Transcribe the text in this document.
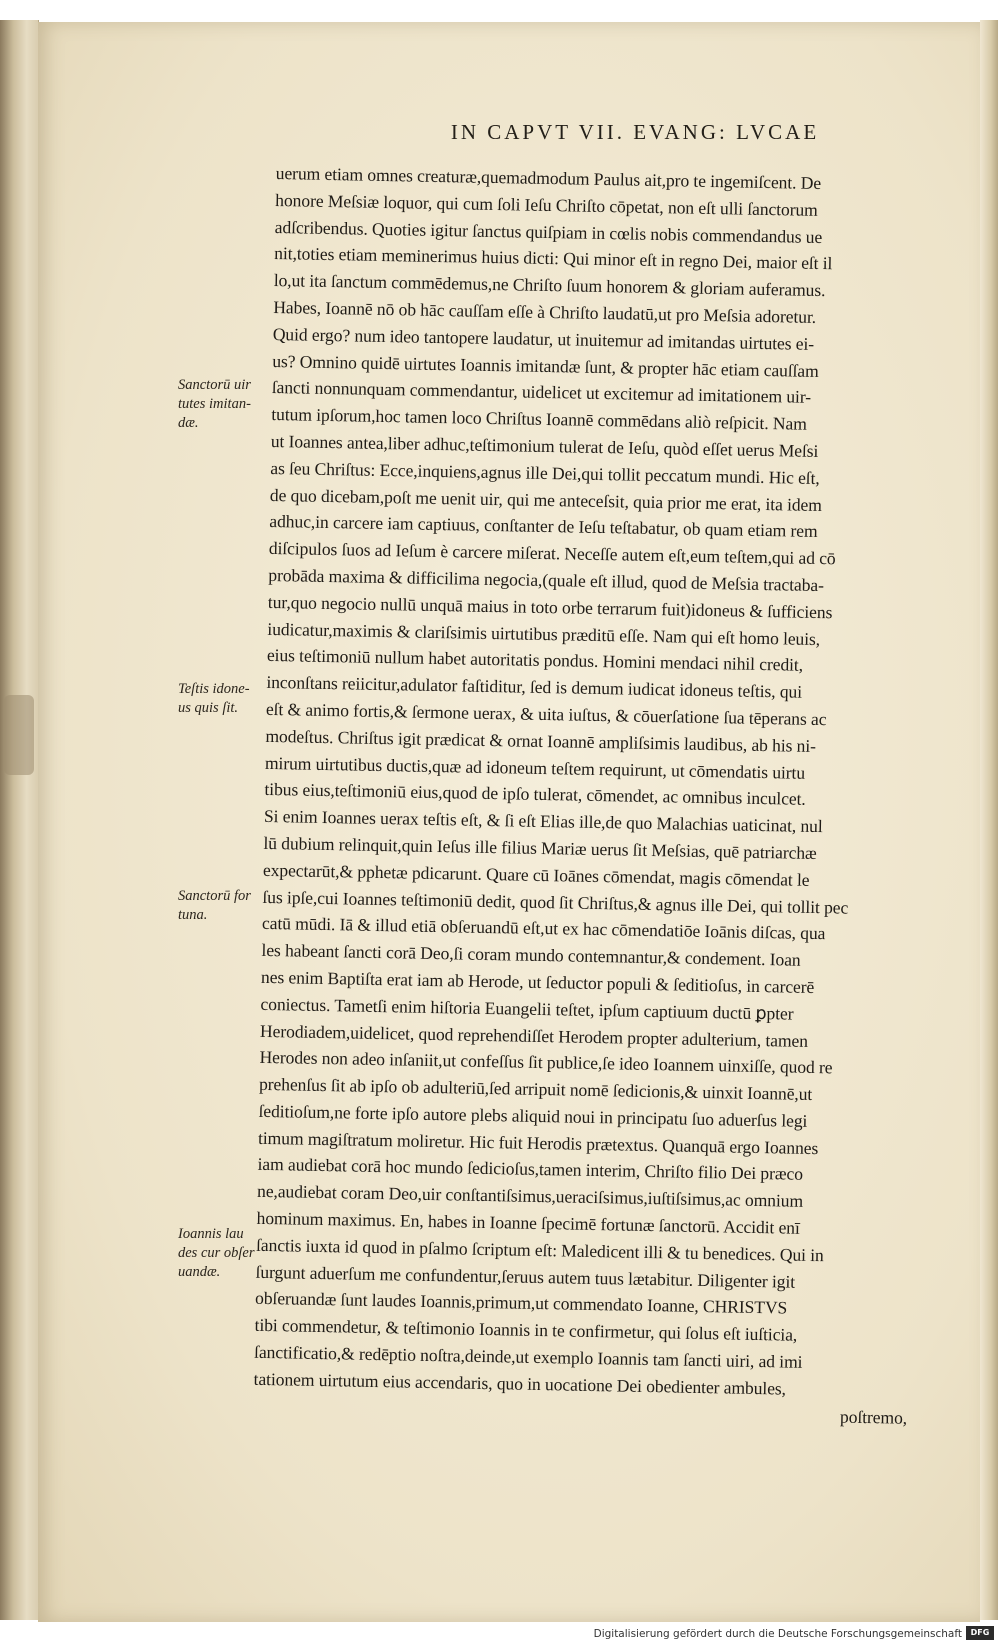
IN CAPVT VII. EVANG: LVCAE
uerum etiam omnes creaturæ,quemadmodum Paulus ait,pro te ingemiſcent. De
honore Meſsiæ loquor, qui cum ſoli Ieſu Chriſto cōpetat, non eſt ulli ſanctorum
adſcribendus. Quoties igitur ſanctus quiſpiam in cœlis nobis commendandus ue
nit,toties etiam meminerimus huius dicti: Qui minor eſt in regno Dei, maior eſt il
lo,ut ita ſanctum commēdemus,ne Chriſto ſuum honorem & gloriam auferamus.
Habes, Ioannē nō ob hāc cauſſam eſſe à Chriſto laudatū,ut pro Meſsia adoretur.
Quid ergo? num ideo tantopere laudatur, ut inuitemur ad imitandas uirtutes ei-
us? Omnino quidē uirtutes Ioannis imitandæ ſunt, & propter hāc etiam cauſſam
ſancti nonnunquam commendantur, uidelicet ut excitemur ad imitationem uir-
tutum ipſorum,hoc tamen loco Chriſtus Ioannē commēdans aliò reſpicit. Nam
ut Ioannes antea,liber adhuc,teſtimonium tulerat de Ieſu, quòd eſſet uerus Meſsi
as ſeu Chriſtus: Ecce,inquiens,agnus ille Dei,qui tollit peccatum mundi. Hic eſt,
de quo dicebam,poſt me uenit uir, qui me anteceſsit, quia prior me erat, ita idem
adhuc,in carcere iam captiuus, conſtanter de Ieſu teſtabatur, ob quam etiam rem
diſcipulos ſuos ad Ieſum è carcere miſerat. Neceſſe autem eſt,eum teſtem,qui ad cō
probāda maxima & difficilima negocia,(quale eſt illud, quod de Meſsia tractaba-
tur,quo negocio nullū unquā maius in toto orbe terrarum fuit)idoneus & ſufficiens
iudicatur,maximis & clariſsimis uirtutibus præditū eſſe. Nam qui eſt homo leuis,
eius teſtimoniū nullum habet autoritatis pondus. Homini mendaci nihil credit,
inconſtans reiicitur,adulator faſtiditur, ſed is demum iudicat idoneus teſtis, qui
eſt & animo fortis,& ſermone uerax, & uita iuſtus, & cōuerſatione ſua tēperans ac
modeſtus. Chriſtus igit prædicat & ornat Ioannē ampliſsimis laudibus, ab his ni-
mirum uirtutibus ductis,quæ ad idoneum teſtem requirunt, ut cōmendatis uirtu
tibus eius,teſtimoniū eius,quod de ipſo tulerat, cōmendet, ac omnibus inculcet.
Si enim Ioannes uerax teſtis eſt, & ſi eſt Elias ille,de quo Malachias uaticinat, nul
lū dubium relinquit,quin Ieſus ille filius Mariæ uerus ſit Meſsias, quē patriarchæ
expectarūt,& pphetæ pdicarunt. Quare cū Ioānes cōmendat, magis cōmendat le
ſus ipſe,cui Ioannes teſtimoniū dedit, quod ſit Chriſtus,& agnus ille Dei, qui tollit pec
catū mūdi. Iā & illud etiā obſeruandū eſt,ut ex hac cōmendatiōe Ioānis diſcas, qua
les habeant ſancti corā Deo,ſi coram mundo contemnantur,& condement. Ioan
nes enim Baptiſta erat iam ab Herode, ut ſeductor populi & ſeditioſus, in carcerē
coniectus. Tametſi enim hiſtoria Euangelii teſtet, ipſum captiuum ductū ꝑpter
Herodiadem,uidelicet, quod reprehendiſſet Herodem propter adulterium, tamen
Herodes non adeo inſaniit,ut confeſſus ſit publice,ſe ideo Ioannem uinxiſſe, quod re
prehenſus ſit ab ipſo ob adulteriū,ſed arripuit nomē ſedicionis,& uinxit Ioannē,ut
ſeditioſum,ne forte ipſo autore plebs aliquid noui in principatu ſuo aduerſus legi
timum magiſtratum moliretur. Hic fuit Herodis prætextus. Quanquā ergo Ioannes
iam audiebat corā hoc mundo ſedicioſus,tamen interim, Chriſto filio Dei præco
ne,audiebat coram Deo,uir conſtantiſsimus,ueraciſsimus,iuſtiſsimus,ac omnium
hominum maximus. En, habes in Ioanne ſpecimē fortunæ ſanctorū. Accidit enī
ſanctis iuxta id quod in pſalmo ſcriptum eſt: Maledicent illi & tu benedices. Qui in
ſurgunt aduerſum me confundentur,ſeruus autem tuus lætabitur. Diligenter igit
obſeruandæ ſunt laudes Ioannis,primum,ut commendato Ioanne, CHRISTVS
tibi commendetur, & teſtimonio Ioannis in te confirmetur, qui ſolus eſt iuſticia,
ſanctificatio,& redēptio noſtra,deinde,ut exemplo Ioannis tam ſancti uiri, ad imi
tationem uirtutum eius accendaris, quo in uocatione Dei obedienter ambules,
poſtremo,
Sanctorū uir
tutes imitan-
dæ.
Teſtis idone-
us quis ſit.
Sanctorū for
tuna.
Ioannis lau
des cur obſer
uandæ.
Digitalisierung gefördert durch die Deutsche Forschungsgemeinschaft	DFG
